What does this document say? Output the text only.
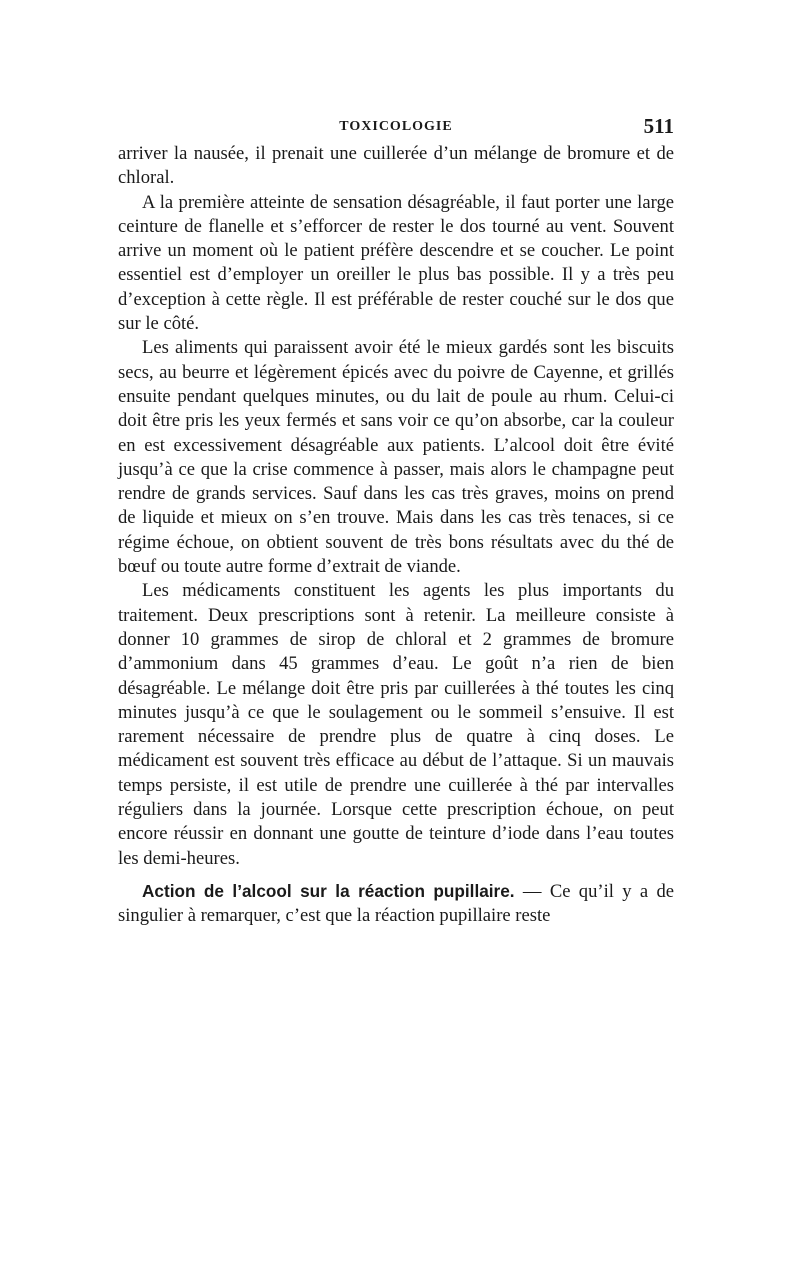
TOXICOLOGIE	511

arriver la nausée, il prenait une cuillerée d’un mélange de bromure et de chloral.

A la première atteinte de sensation désagréable, il faut porter une large ceinture de flanelle et s’efforcer de rester le dos tourné au vent. Souvent arrive un moment où le patient préfère descendre et se coucher. Le point essentiel est d’employer un oreiller le plus bas possible. Il y a très peu d’exception à cette règle. Il est préférable de rester couché sur le dos que sur le côté.

Les aliments qui paraissent avoir été le mieux gardés sont les biscuits secs, au beurre et légèrement épicés avec du poivre de Cayenne, et grillés ensuite pendant quelques minutes, ou du lait de poule au rhum. Celui-ci doit être pris les yeux fermés et sans voir ce qu’on absorbe, car la couleur en est excessivement désagréable aux patients. L’alcool doit être évité jusqu’à ce que la crise commence à passer, mais alors le champagne peut rendre de grands services. Sauf dans les cas très graves, moins on prend de liquide et mieux on s’en trouve. Mais dans les cas très tenaces, si ce régime échoue, on obtient souvent de très bons résultats avec du thé de bœuf ou toute autre forme d’extrait de viande.

Les médicaments constituent les agents les plus importants du traitement. Deux prescriptions sont à retenir. La meilleure consiste à donner 10 grammes de sirop de chloral et 2 grammes de bromure d’ammonium dans 45 grammes d’eau. Le goût n’a rien de bien désagréable. Le mélange doit être pris par cuillerées à thé toutes les cinq minutes jusqu’à ce que le soulagement ou le sommeil s’ensuive. Il est rarement nécessaire de prendre plus de quatre à cinq doses. Le médicament est souvent très efficace au début de l’attaque. Si un mauvais temps persiste, il est utile de prendre une cuillerée à thé par intervalles réguliers dans la journée. Lorsque cette prescription échoue, on peut encore réussir en donnant une goutte de teinture d’iode dans l’eau toutes les demi-heures.

Action de l’alcool sur la réaction pupillaire. — Ce qu’il y a de singulier à remarquer, c’est que la réaction pupillaire reste
